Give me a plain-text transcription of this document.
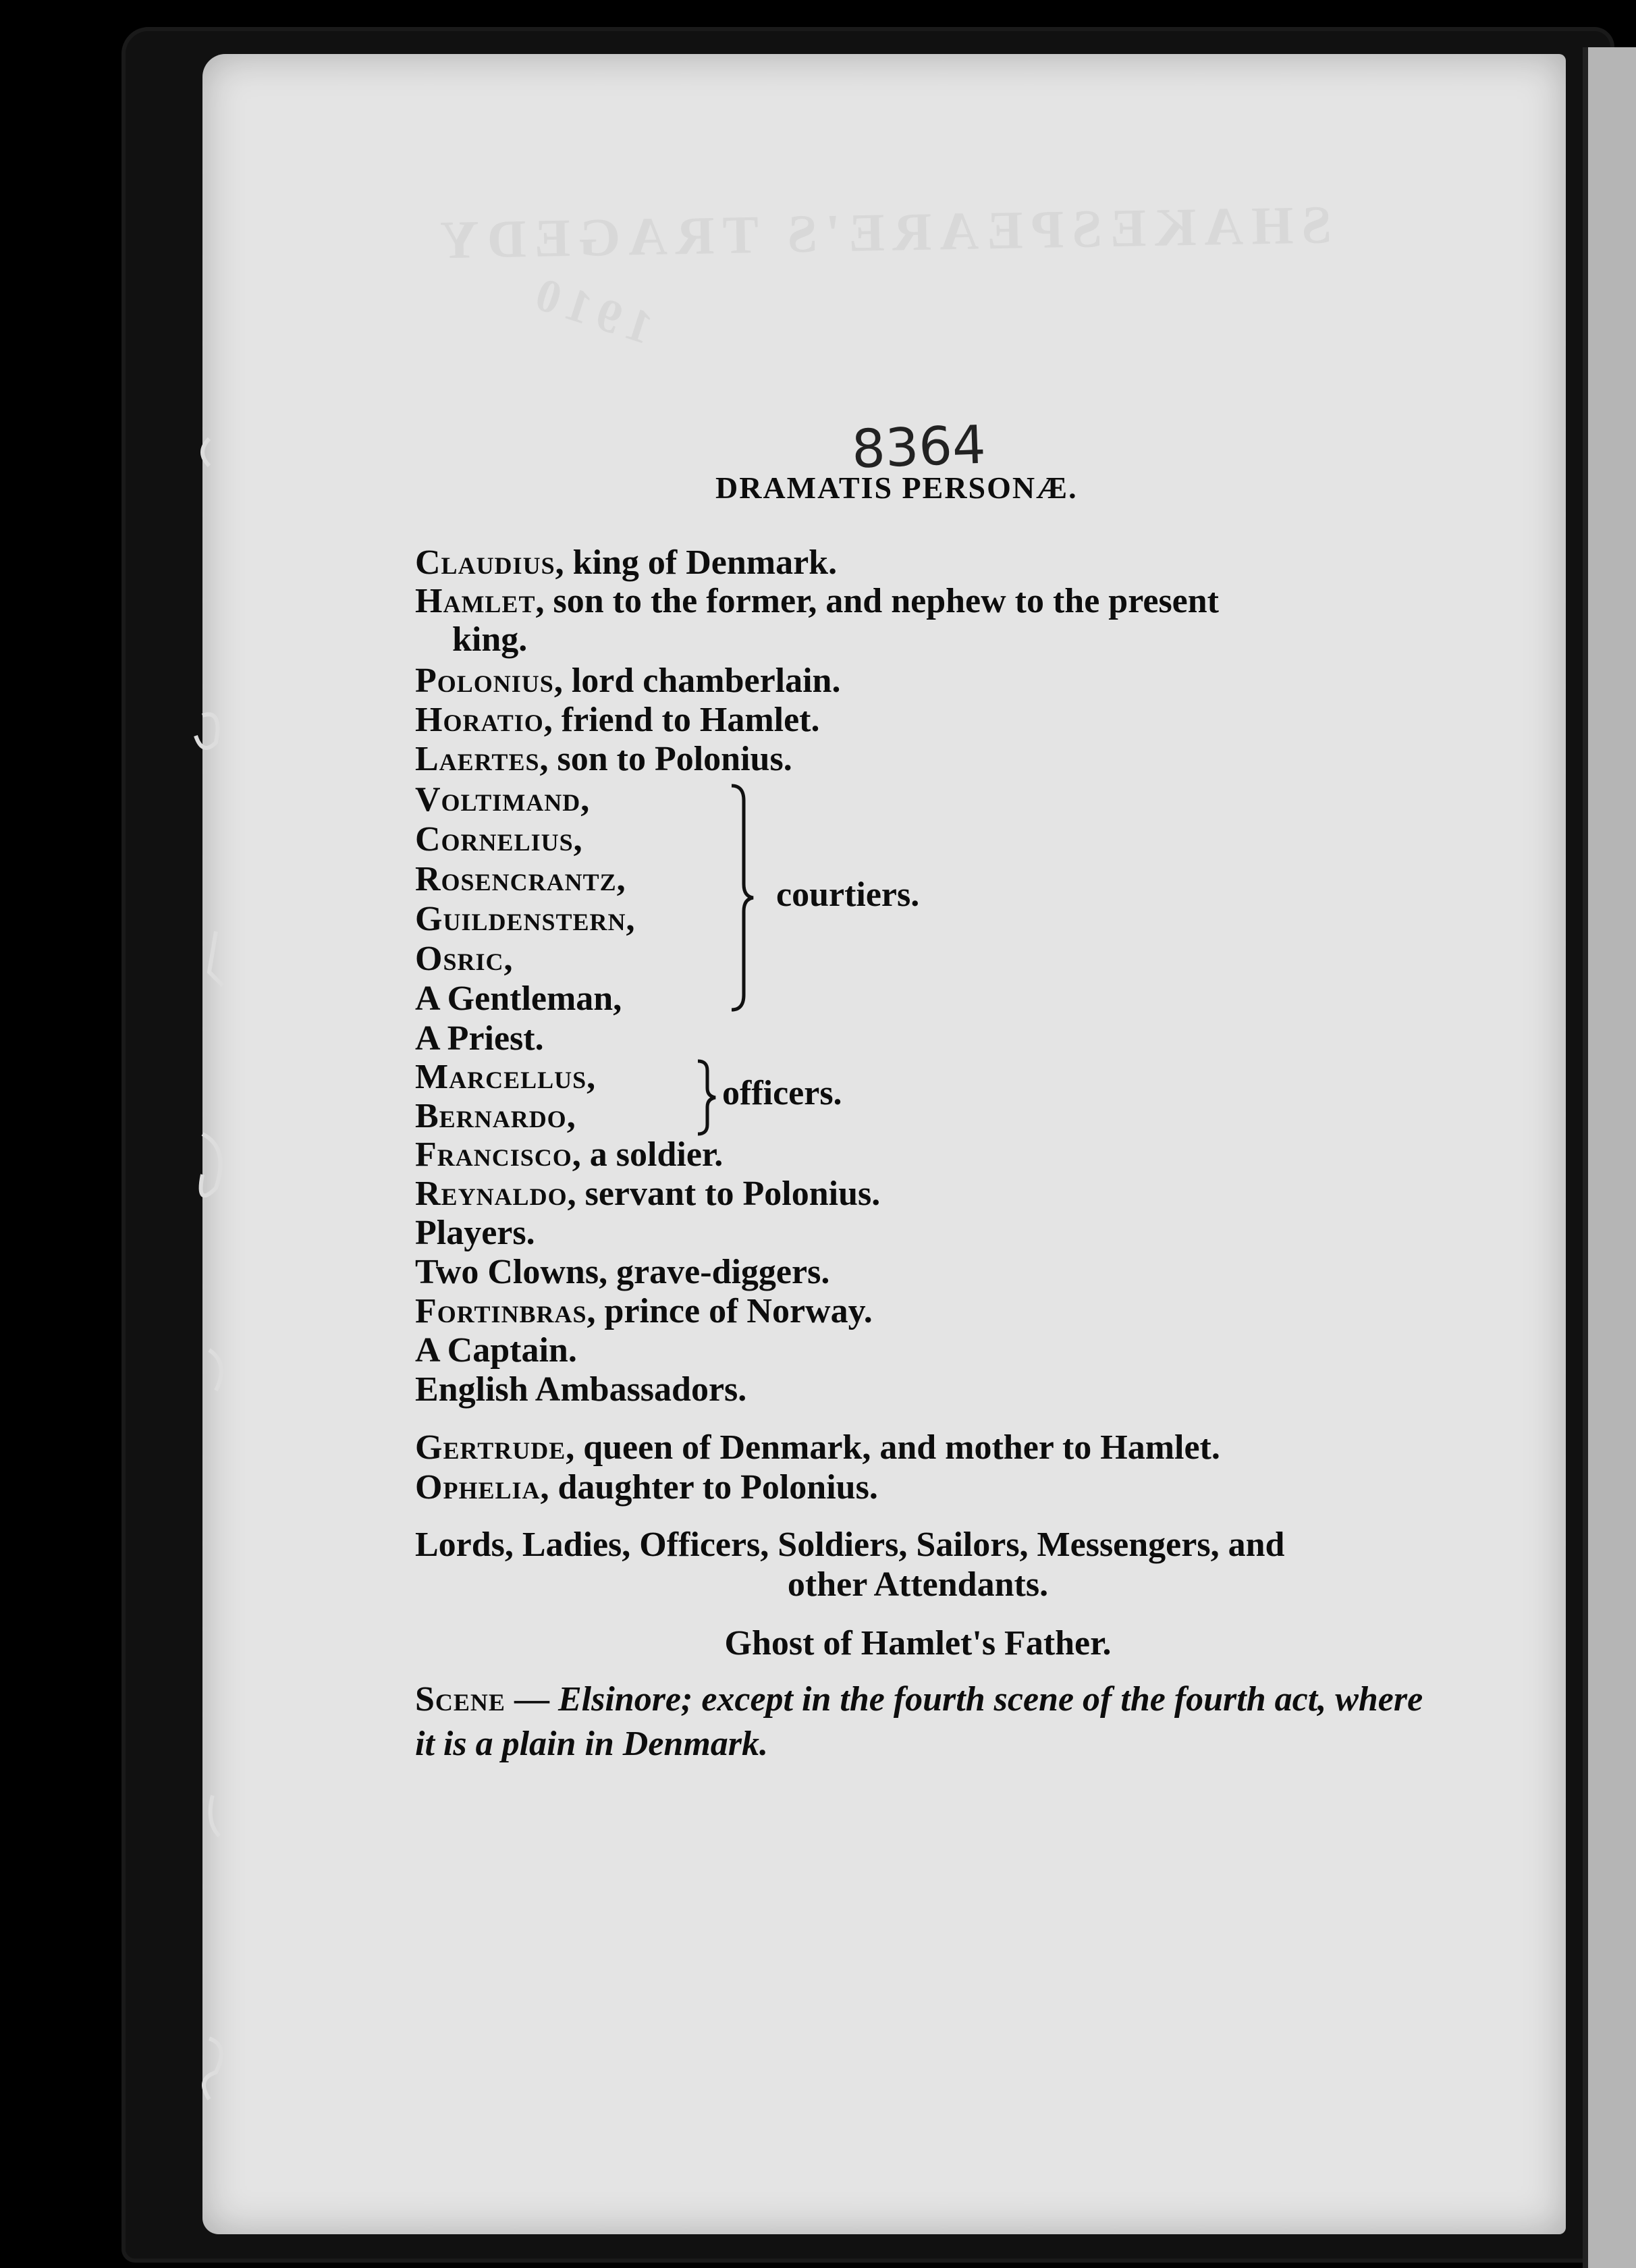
SHAKESPEARE'S TRAGEDY
1910
8364
DRAMATIS PERSONÆ.
Claudius, king of Denmark.
Hamlet, son to the former, and nephew to the present
king.
Polonius, lord chamberlain.
Horatio, friend to Hamlet.
Laertes, son to Polonius.
Voltimand,
Cornelius,
Rosencrantz,
Guildenstern,
Osric,
A Gentleman,
courtiers.
A Priest.
Marcellus,
Bernardo,
officers.
Francisco, a soldier.
Reynaldo, servant to Polonius.
Players.
Two Clowns, grave-diggers.
Fortinbras, prince of Norway.
A Captain.
English Ambassadors.
Gertrude, queen of Denmark, and mother to Hamlet.
Ophelia, daughter to Polonius.
Lords, Ladies, Officers, Soldiers, Sailors, Messengers, and
other Attendants.
Ghost of Hamlet's Father.
Scene — Elsinore; except in the fourth scene of the fourth act, where it is a plain in Denmark.
